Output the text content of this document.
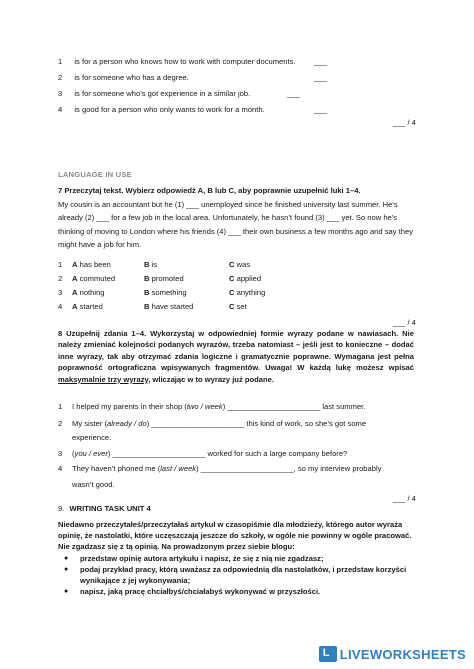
1 is for a person who knows how to work with computer documents. ___
2 is for someone who has a degree.	___
3 is for someone who’s got experience in a similar job.	___
4 is good for a person who only wants to work for a month.	___
___ / 4
LANGUAGE IN USE
7 Przeczytaj tekst. Wybierz odpowiedź A, B lub C, aby poprawnie uzupełnić luki 1–4.
My cousin is an accountant but he (1) ___ unemployed since he finished university last summer. He’s already (2) ___ for a few job in the local area. Unfortunately, he hasn’t found (3) ___ yet. So now he’s thinking of moving to London where his friends (4) ___ their own business a few months ago and say they might have a job for him.
1 A has been	B is	C was
2 A commuted	B promoted	C applied
3 A nothing	B something	C anything
4 A started	B have started	C set
___ / 4
8 Uzupełnij zdania 1–4. Wykorzystaj w odpowiedniej formie wyrazy podane w nawiasach. Nie należy zmieniać kolejności podanych wyrazów, trzeba natomiast – jeśli jest to konieczne – dodać inne wyrazy, tak aby otrzymać zdania logiczne i gramatycznie poprawne. Wymagana jest pełna poprawność ortograficzna wpisywanych fragmentów. Uwaga! W każdą lukę możesz wpisać maksymalnie trzy wyrazy, wliczając w to wyrazy już podane.
1 I helped my parents in their shop (two / week) ______________________ last summer.
2 My sister (already / do) ______________________ this kind of work, so she’s got some
experience.
3 (you / ever) ______________________ worked for such a large company before?
4 They haven’t phoned me (last / week) ______________________, so my interview probably
wasn’t good.
___ / 4
9. WRITING TASK UNIT 4
Niedawno przeczytałeś/przeczytałaś artykuł w czasopiśmie dla młodzieży, którego autor wyraża opinię, że nastolatki, które uczęszczają jeszcze do szkoły, w ogóle nie powinny w ogóle pracować. Nie zgadzasz się z tą opinią. Na prowadzonym przez siebie blogu:
● przedstaw opinię autora artykułu i napisz, że się z nią nie zgadzasz;
● podaj przykład pracy, którą uważasz za odpowiednią dla nastolatków, i przedstaw korzyści wynikające z jej wykonywania;
● napisz, jaką pracę chciałbyś/chciałabyś wykonywać w przyszłości.
L LIVEWORKSHEETS
